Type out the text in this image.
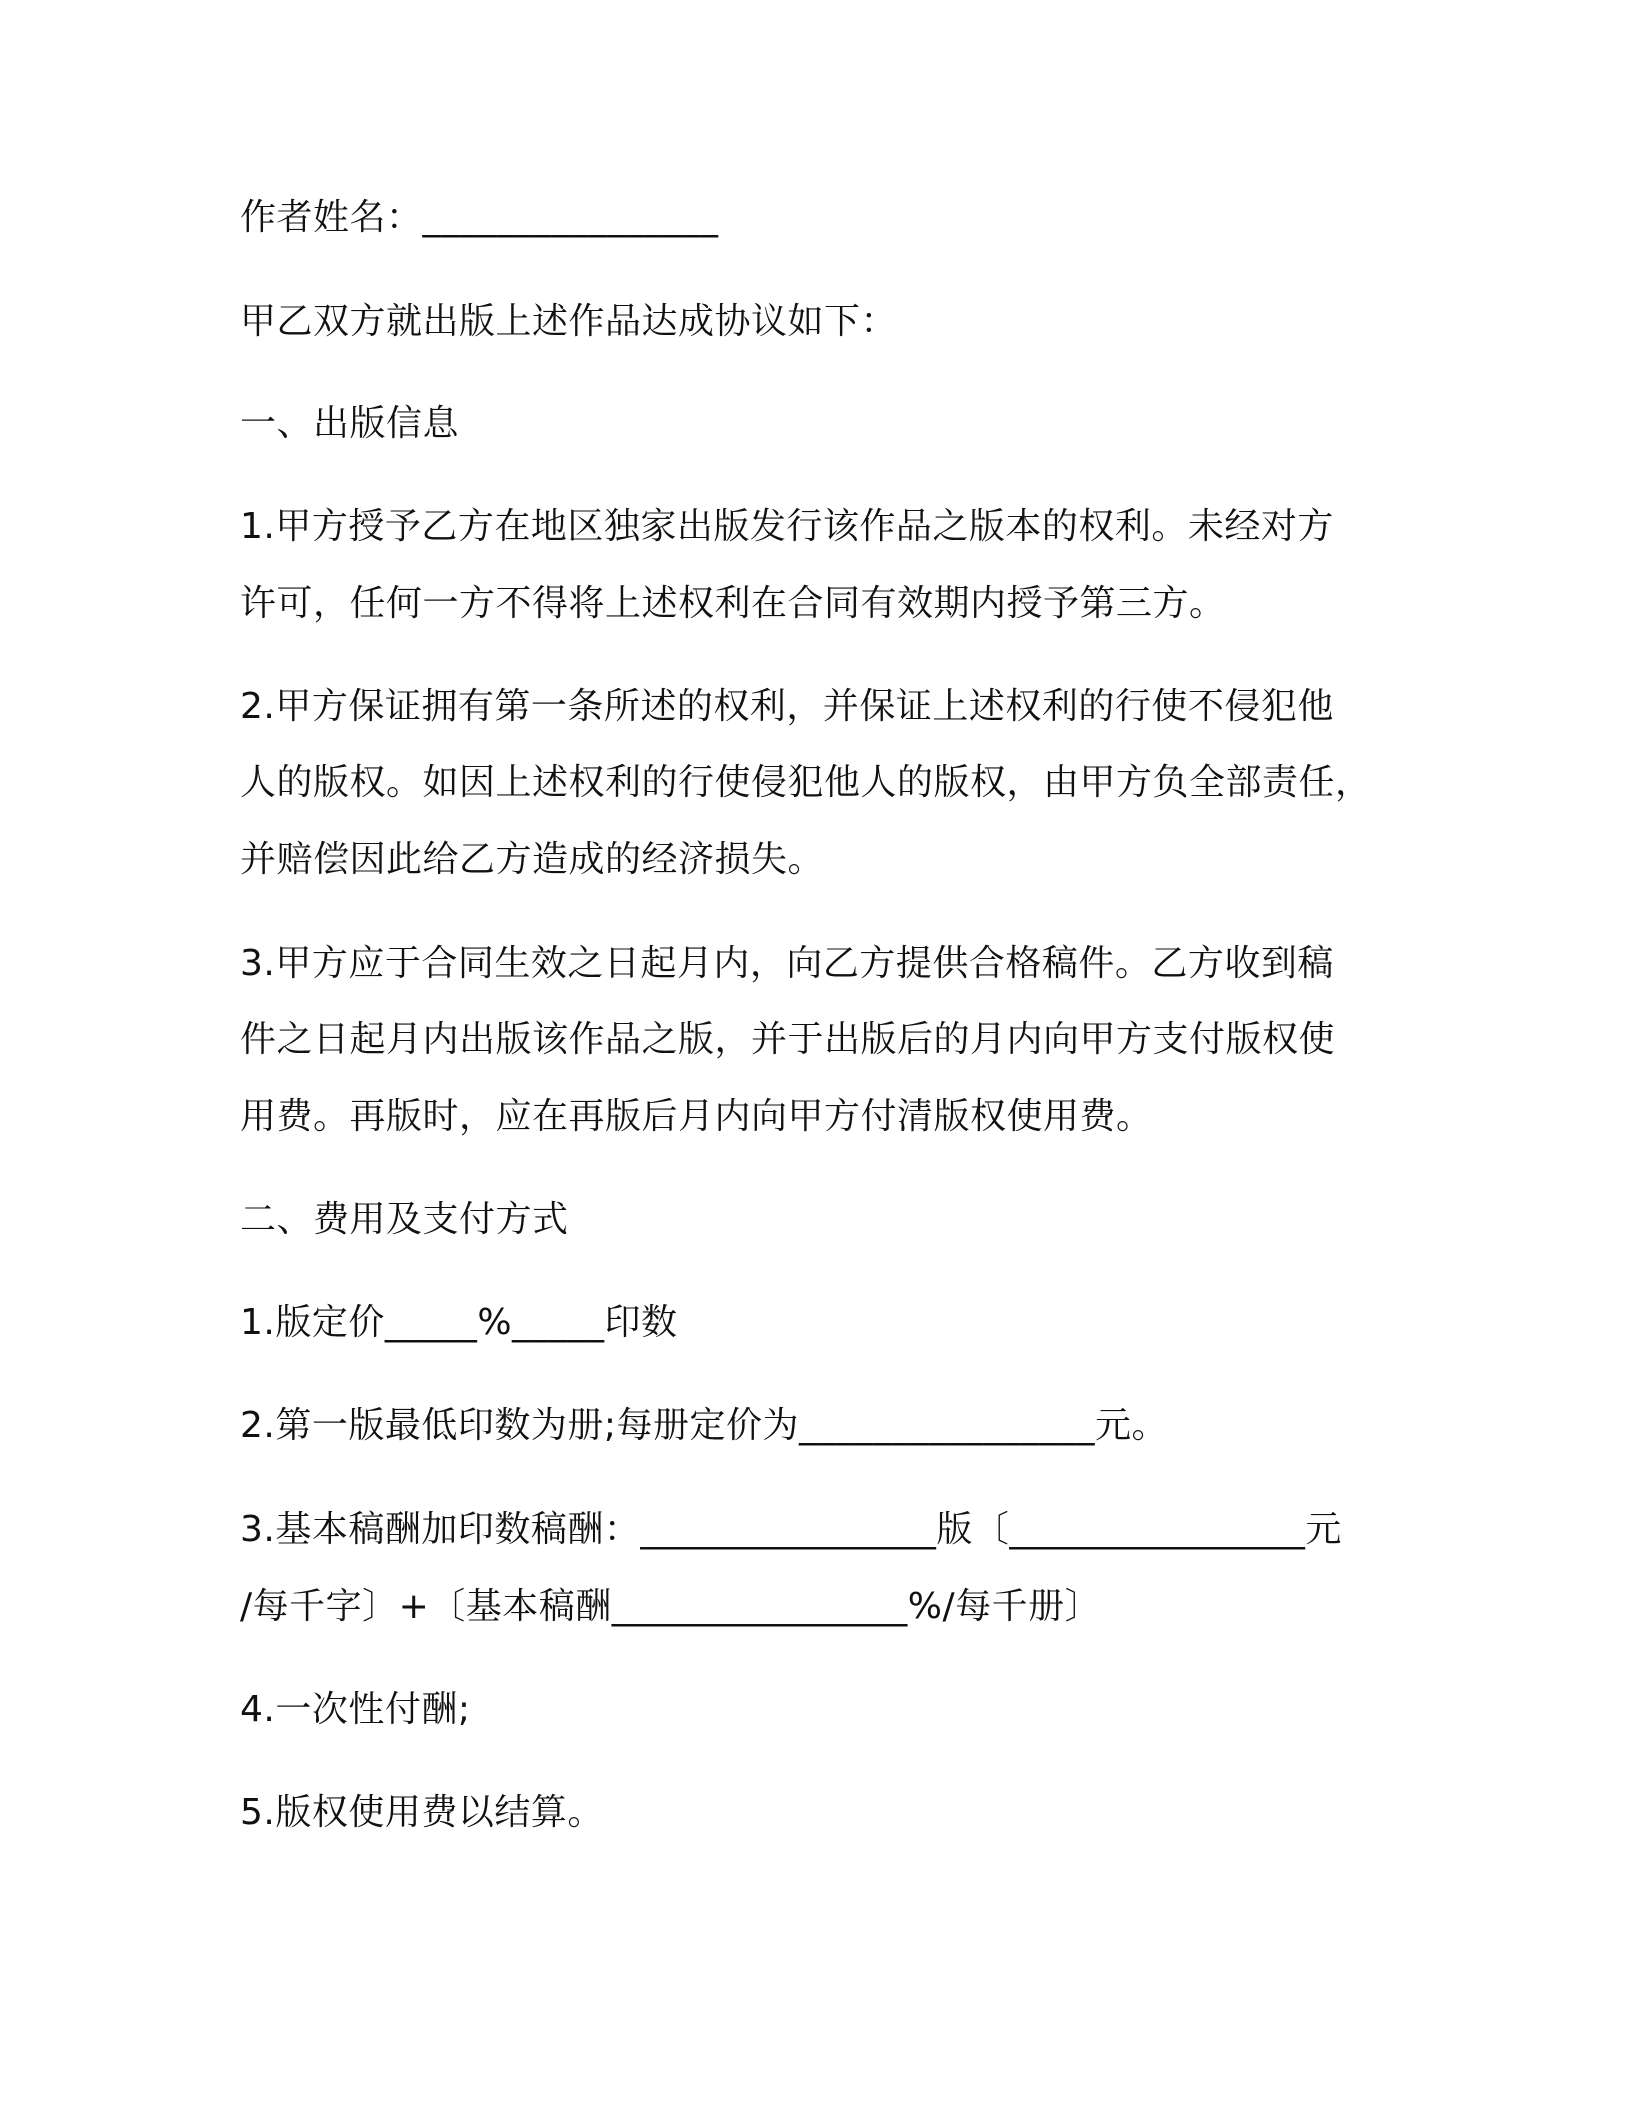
作者姓名：________________
甲乙双方就出版上述作品达成协议如下：
一、出版信息
1.甲方授予乙方在地区独家出版发行该作品之版本的权利。未经对方
许可，任何一方不得将上述权利在合同有效期内授予第三方。
2.甲方保证拥有第一条所述的权利，并保证上述权利的行使不侵犯他
人的版权。如因上述权利的行使侵犯他人的版权，由甲方负全部责任，
并赔偿因此给乙方造成的经济损失。
3.甲方应于合同生效之日起月内，向乙方提供合格稿件。乙方收到稿
件之日起月内出版该作品之版，并于出版后的月内向甲方支付版权使
用费。再版时，应在再版后月内向甲方付清版权使用费。
二、费用及支付方式
1.版定价_____%_____印数
2.第一版最低印数为册;每册定价为________________元。
3.基本稿酬加印数稿酬：________________版〔________________元
/每千字〕+〔基本稿酬________________%/每千册〕
4.一次性付酬;
5.版权使用费以结算。
